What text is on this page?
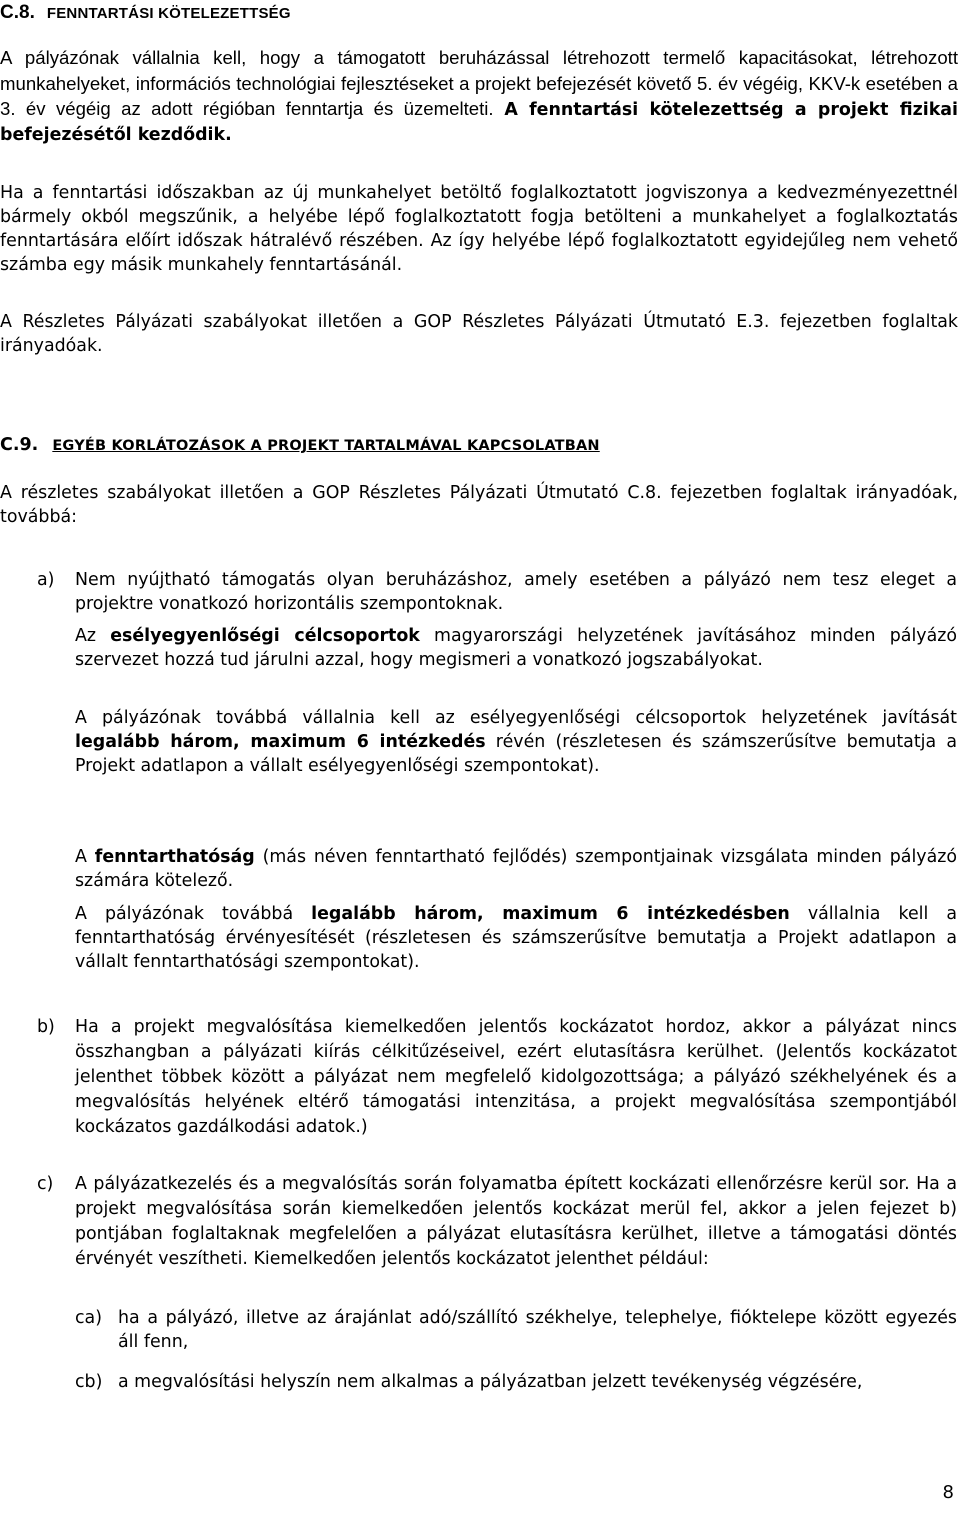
C.8. FENNTARTÁSI KÖTELEZETTSÉG

A pályázónak vállalnia kell, hogy a támogatott beruházással létrehozott termelő kapacitásokat, létrehozott munkahelyeket, információs technológiai fejlesztéseket a projekt befejezését követő 5. év végéig, KKV-k esetében a 3. év végéig az adott régióban fenntartja és üzemelteti. A fenntartási kötelezettség a projekt fizikai befejezésétől kezdődik.

Ha a fenntartási időszakban az új munkahelyet betöltő foglalkoztatott jogviszonya a kedvezményezettnél bármely okból megszűnik, a helyébe lépő foglalkoztatott fogja betölteni a munkahelyet a foglalkoztatás fenntartására előírt időszak hátralévő részében. Az így helyébe lépő foglalkoztatott egyidejűleg nem vehető számba egy másik munkahely fenntartásánál.

A Részletes Pályázati szabályokat illetően a GOP Részletes Pályázati Útmutató E.3. fejezetben foglaltak irányadóak.

C.9. EGYÉB KORLÁTOZÁSOK A PROJEKT TARTALMÁVAL KAPCSOLATBAN

A részletes szabályokat illetően a GOP Részletes Pályázati Útmutató C.8. fejezetben foglaltak irányadóak, továbbá:

a) Nem nyújtható támogatás olyan beruházáshoz, amely esetében a pályázó nem tesz eleget a projektre vonatkozó horizontális szempontoknak.

Az esélyegyenlőségi célcsoportok magyarországi helyzetének javításához minden pályázó szervezet hozzá tud járulni azzal, hogy megismeri a vonatkozó jogszabályokat.

A pályázónak továbbá vállalnia kell az esélyegyenlőségi célcsoportok helyzetének javítását legalább három, maximum 6 intézkedés révén (részletesen és számszerűsítve bemutatja a Projekt adatlapon a vállalt esélyegyenlőségi szempontokat).

A fenntarthatóság (más néven fenntartható fejlődés) szempontjainak vizsgálata minden pályázó számára kötelező.

A pályázónak továbbá legalább három, maximum 6 intézkedésben vállalnia kell a fenntarthatóság érvényesítését (részletesen és számszerűsítve bemutatja a Projekt adatlapon a vállalt fenntarthatósági szempontokat).

b) Ha a projekt megvalósítása kiemelkedően jelentős kockázatot hordoz, akkor a pályázat nincs összhangban a pályázati kiírás célkitűzéseivel, ezért elutasításra kerülhet. (Jelentős kockázatot jelenthet többek között a pályázat nem megfelelő kidolgozottsága; a pályázó székhelyének és a megvalósítás helyének eltérő támogatási intenzitása, a projekt megvalósítása szempontjából kockázatos gazdálkodási adatok.)

c) A pályázatkezelés és a megvalósítás során folyamatba épített kockázati ellenőrzésre kerül sor. Ha a projekt megvalósítása során kiemelkedően jelentős kockázat merül fel, akkor a jelen fejezet b) pontjában foglaltaknak megfelelően a pályázat elutasításra kerülhet, illetve a támogatási döntés érvényét veszítheti. Kiemelkedően jelentős kockázatot jelenthet például:

ca) ha a pályázó, illetve az árajánlat adó/szállító székhelye, telephelye, fióktelepe között egyezés áll fenn,

cb) a megvalósítási helyszín nem alkalmas a pályázatban jelzett tevékenység végzésére,

8
